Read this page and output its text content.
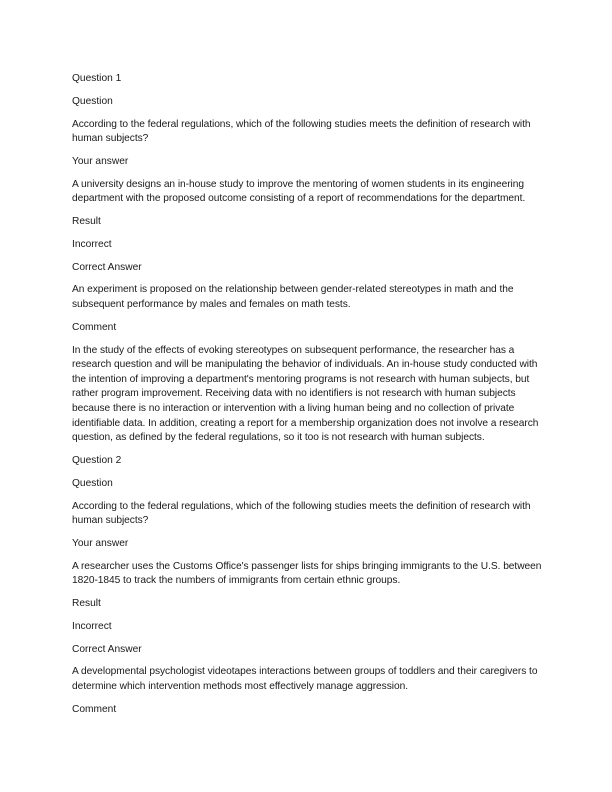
Question 1

Question

According to the federal regulations, which of the following studies meets the definition of research with human subjects?

Your answer

A university designs an in-house study to improve the mentoring of women students in its engineering department with the proposed outcome consisting of a report of recommendations for the department.

Result

Incorrect

Correct Answer

An experiment is proposed on the relationship between gender-related stereotypes in math and the subsequent performance by males and females on math tests.

Comment

In the study of the effects of evoking stereotypes on subsequent performance, the researcher has a research question and will be manipulating the behavior of individuals. An in-house study conducted with the intention of improving a department's mentoring programs is not research with human subjects, but rather program improvement. Receiving data with no identifiers is not research with human subjects because there is no interaction or intervention with a living human being and no collection of private identifiable data. In addition, creating a report for a membership organization does not involve a research question, as defined by the federal regulations, so it too is not research with human subjects.

Question 2

Question

According to the federal regulations, which of the following studies meets the definition of research with human subjects?

Your answer

A researcher uses the Customs Office's passenger lists for ships bringing immigrants to the U.S. between 1820-1845 to track the numbers of immigrants from certain ethnic groups.

Result

Incorrect

Correct Answer

A developmental psychologist videotapes interactions between groups of toddlers and their caregivers to determine which intervention methods most effectively manage aggression.

Comment
